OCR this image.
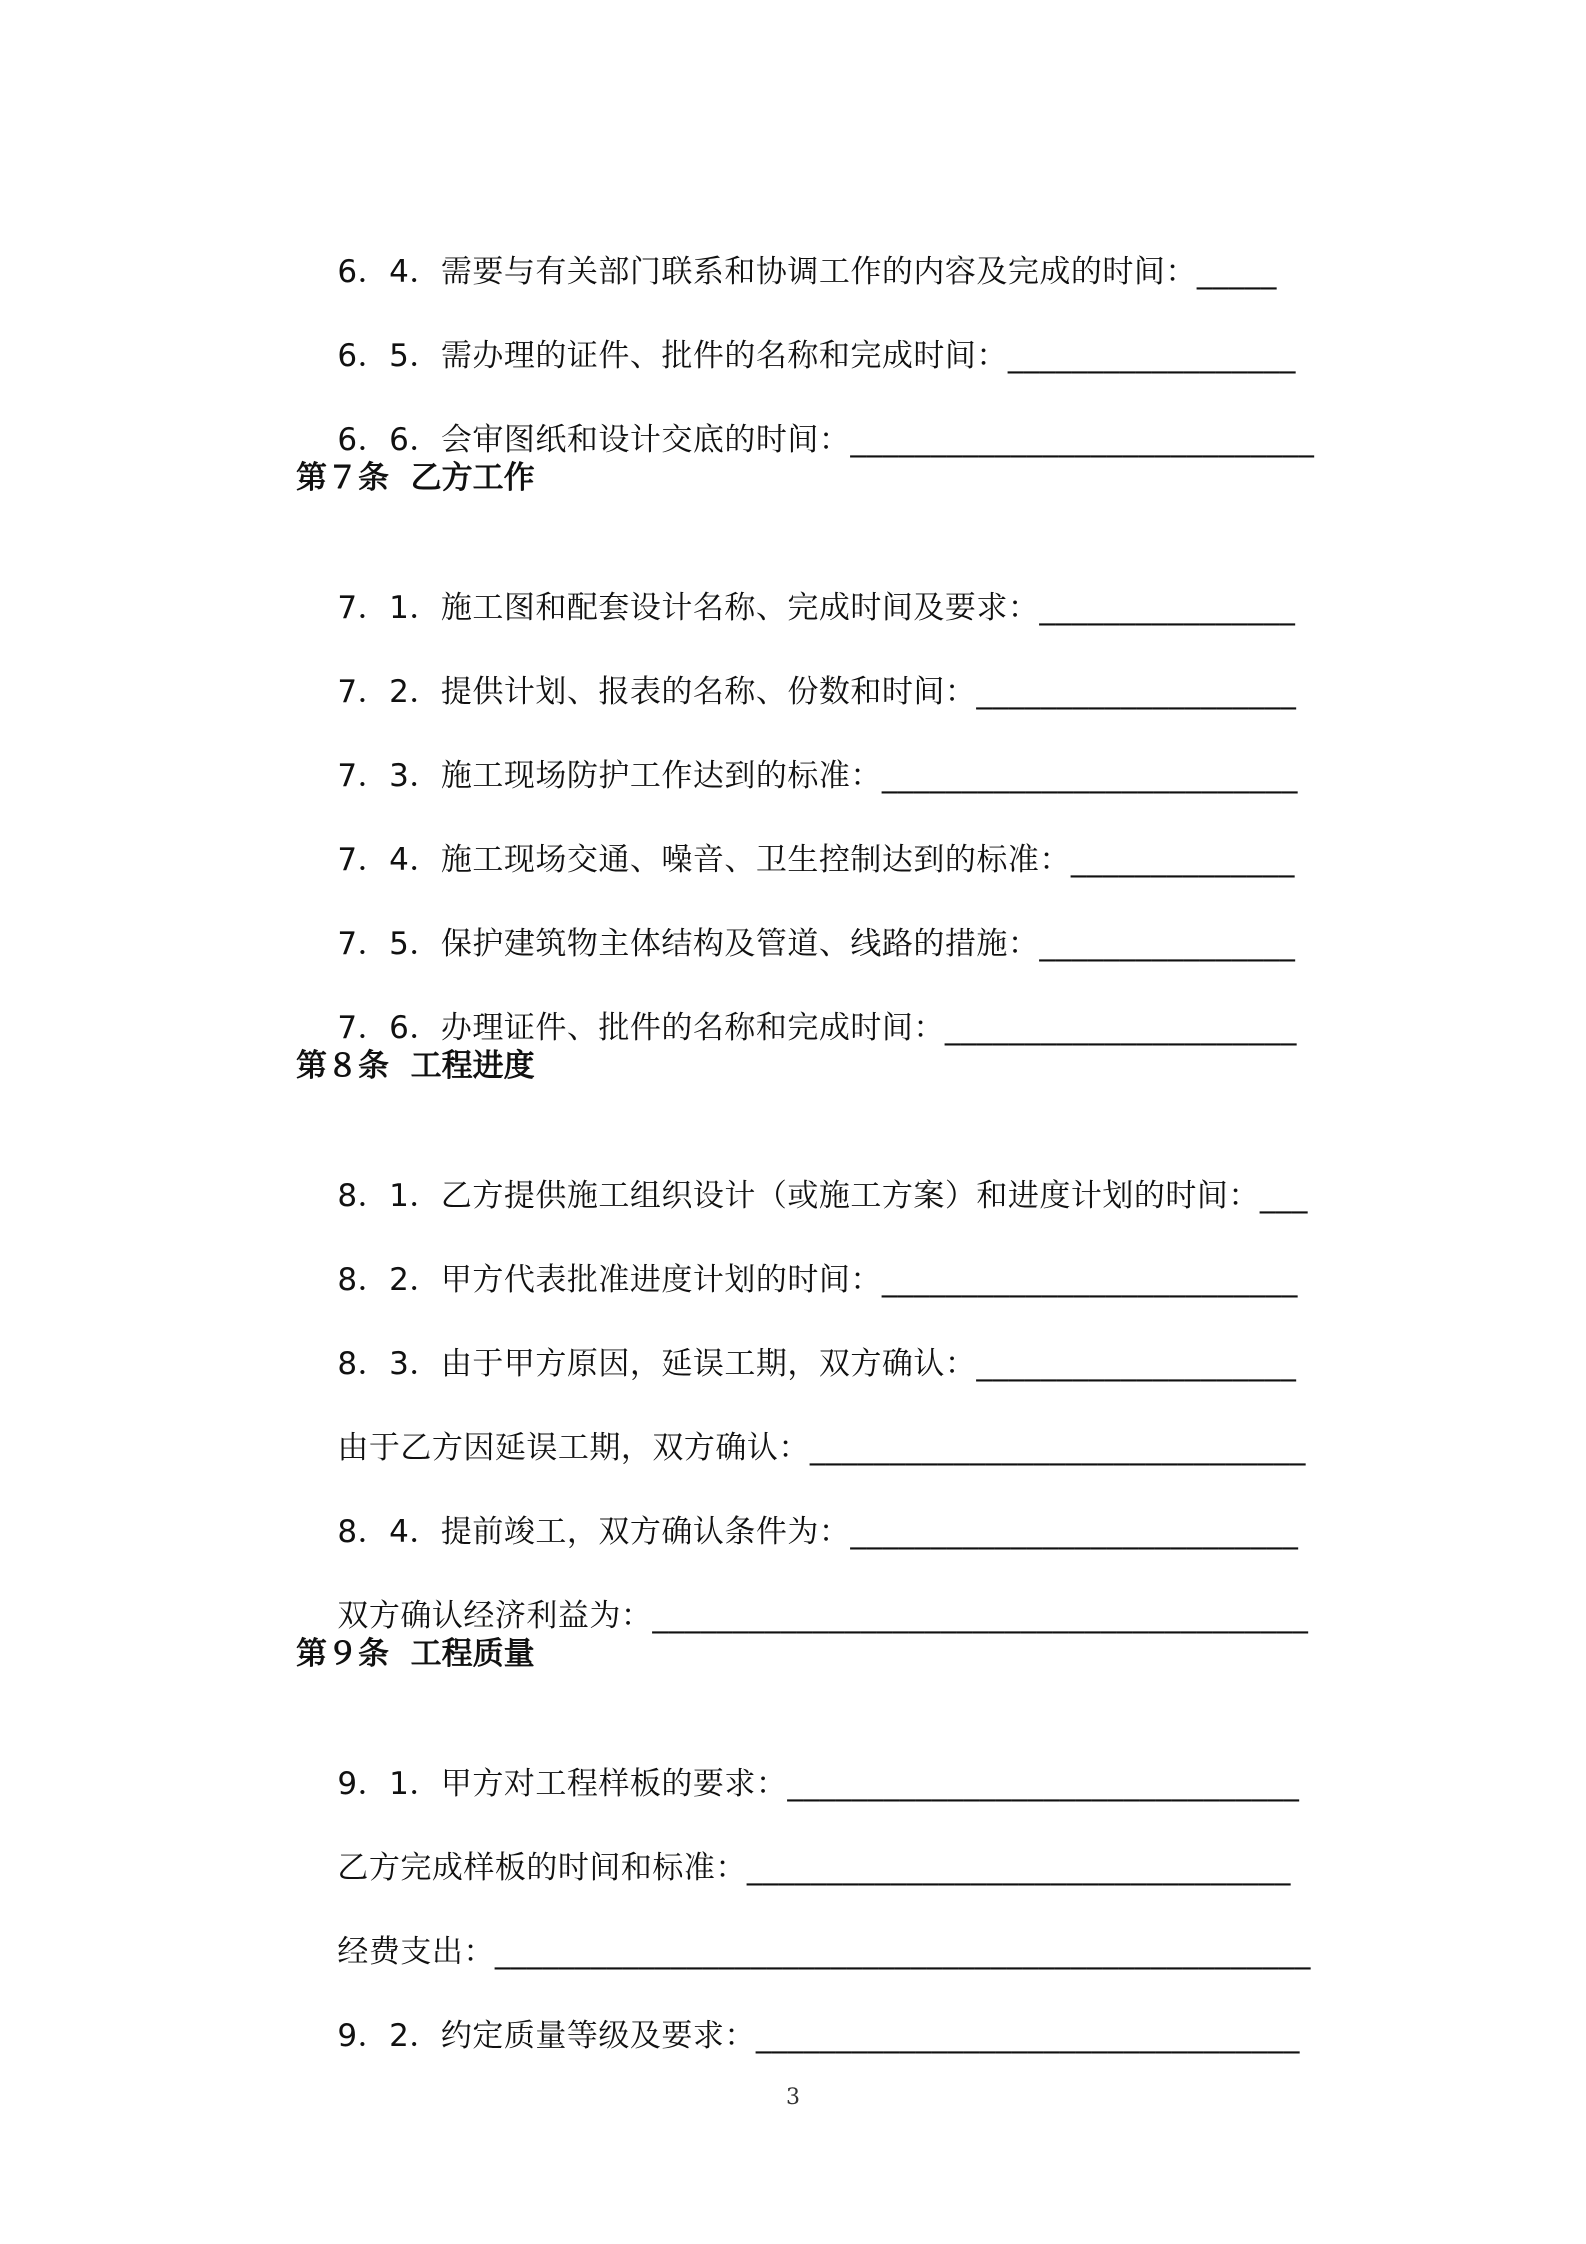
6．4．需要与有关部门联系和协调工作的内容及完成的时间：_____

6．5．需办理的证件、批件的名称和完成时间：__________________

6．6．会审图纸和设计交底的时间：_____________________________

第７条  乙方工作

7．1．施工图和配套设计名称、完成时间及要求：________________

7．2．提供计划、报表的名称、份数和时间：____________________

7．3．施工现场防护工作达到的标准：__________________________

7．4．施工现场交通、噪音、卫生控制达到的标准：______________

7．5．保护建筑物主体结构及管道、线路的措施：________________

7．6．办理证件、批件的名称和完成时间：______________________

第８条  工程进度

8．1．乙方提供施工组织设计（或施工方案）和进度计划的时间：___

8．2．甲方代表批准进度计划的时间：__________________________

8．3．由于甲方原因，延误工期，双方确认：____________________

由于乙方因延误工期，双方确认：_______________________________

8．4．提前竣工，双方确认条件为：____________________________

双方确认经济利益为：_________________________________________

第９条  工程质量

9．1．甲方对工程样板的要求：________________________________

乙方完成样板的时间和标准：__________________________________

经费支出：___________________________________________________

9．2．约定质量等级及要求：__________________________________

3
